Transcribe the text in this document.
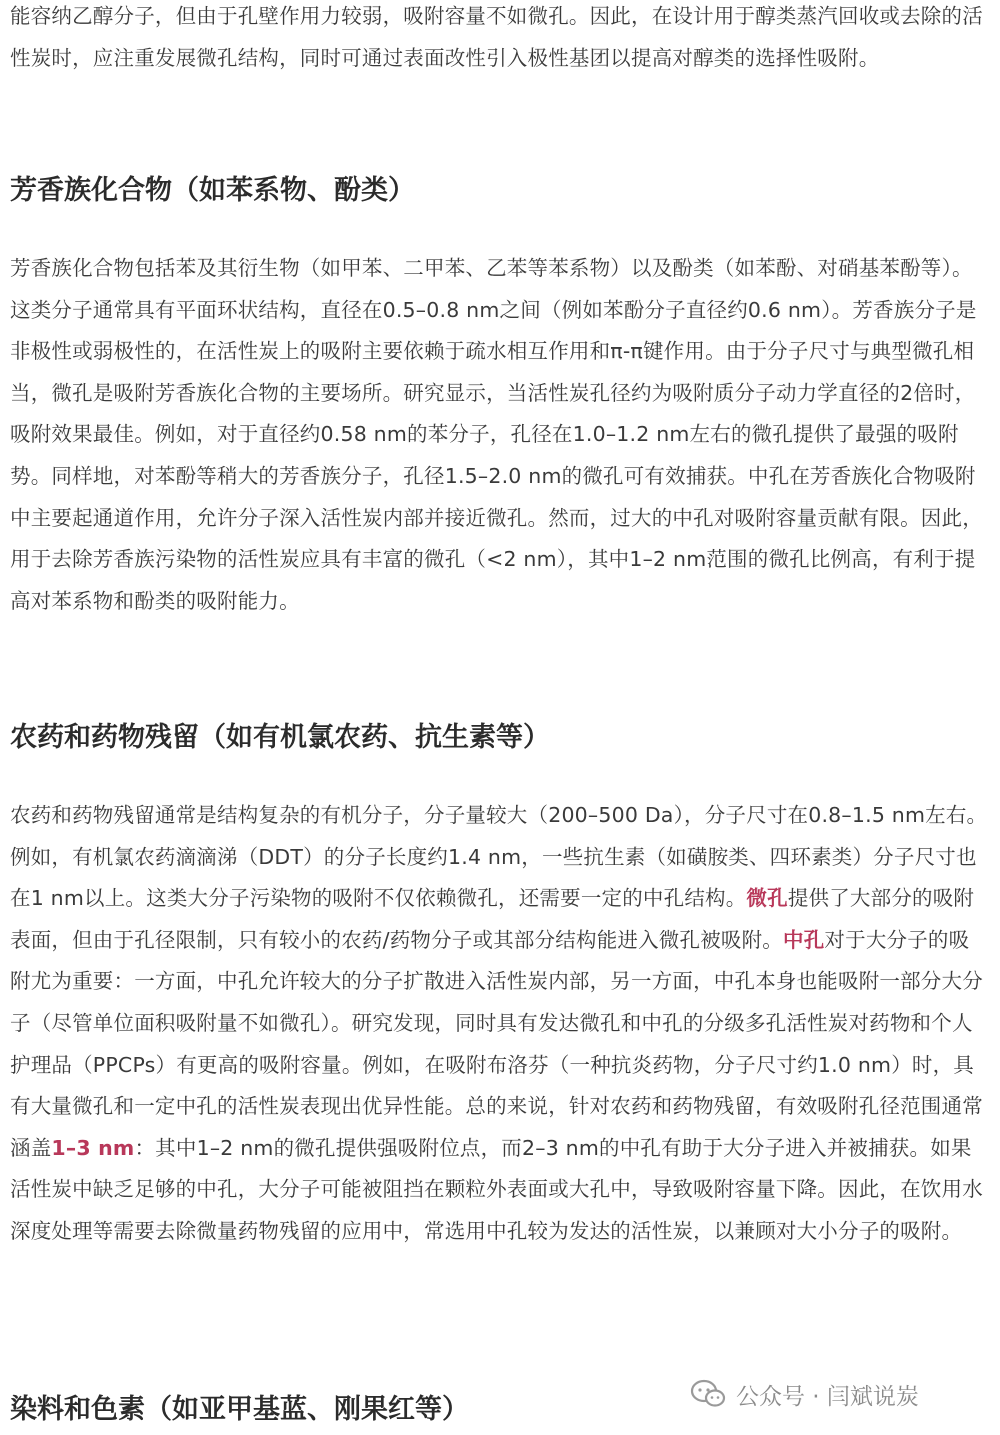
能容纳乙醇分子，但由于孔壁作用力较弱，吸附容量不如微孔。因此，在设计用于醇类蒸汽回收或去除的活性炭时，应注重发展微孔结构，同时可通过表面改性引入极性基团以提高对醇类的选择性吸附。

芳香族化合物（如苯系物、酚类）

芳香族化合物包括苯及其衍生物（如甲苯、二甲苯、乙苯等苯系物）以及酚类（如苯酚、对硝基苯酚等）。这类分子通常具有平面环状结构，直径在0.5–0.8 nm之间（例如苯酚分子直径约0.6 nm）。芳香族分子是非极性或弱极性的，在活性炭上的吸附主要依赖于疏水相互作用和π-π键作用。由于分子尺寸与典型微孔相当，微孔是吸附芳香族化合物的主要场所。研究显示，当活性炭孔径约为吸附质分子动力学直径的2倍时，吸附效果最佳。例如，对于直径约0.58 nm的苯分子，孔径在1.0–1.2 nm左右的微孔提供了最强的吸附势。同样地，对苯酚等稍大的芳香族分子，孔径1.5–2.0 nm的微孔可有效捕获。中孔在芳香族化合物吸附中主要起通道作用，允许分子深入活性炭内部并接近微孔。然而，过大的中孔对吸附容量贡献有限。因此，用于去除芳香族污染物的活性炭应具有丰富的微孔（<2 nm），其中1–2 nm范围的微孔比例高，有利于提高对苯系物和酚类的吸附能力。

农药和药物残留（如有机氯农药、抗生素等）

农药和药物残留通常是结构复杂的有机分子，分子量较大（200–500 Da），分子尺寸在0.8–1.5 nm左右。例如，有机氯农药滴滴涕（DDT）的分子长度约1.4 nm，一些抗生素（如磺胺类、四环素类）分子尺寸也在1 nm以上。这类大分子污染物的吸附不仅依赖微孔，还需要一定的中孔结构。微孔提供了大部分的吸附表面，但由于孔径限制，只有较小的农药/药物分子或其部分结构能进入微孔被吸附。中孔对于大分子的吸附尤为重要：一方面，中孔允许较大的分子扩散进入活性炭内部，另一方面，中孔本身也能吸附一部分大分子（尽管单位面积吸附量不如微孔）。研究发现，同时具有发达微孔和中孔的分级多孔活性炭对药物和个人护理品（PPCPs）有更高的吸附容量。例如，在吸附布洛芬（一种抗炎药物，分子尺寸约1.0 nm）时，具有大量微孔和一定中孔的活性炭表现出优异性能。总的来说，针对农药和药物残留，有效吸附孔径范围通常涵盖1–3 nm：其中1–2 nm的微孔提供强吸附位点，而2–3 nm的中孔有助于大分子进入并被捕获。如果活性炭中缺乏足够的中孔，大分子可能被阻挡在颗粒外表面或大孔中，导致吸附容量下降。因此，在饮用水深度处理等需要去除微量药物残留的应用中，常选用中孔较为发达的活性炭，以兼顾对大小分子的吸附。

染料和色素（如亚甲基蓝、刚果红等）	公众号 · 闫斌说炭
